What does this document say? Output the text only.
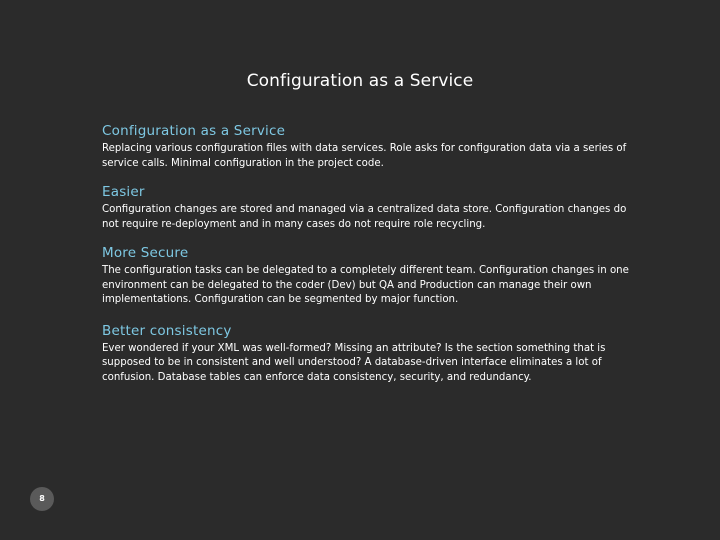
Configuration as a Service
Configuration as a Service
Replacing various configuration files with data services. Role asks for configuration data via a series of service calls. Minimal configuration in the project code.
Easier
Configuration changes are stored and managed via a centralized data store. Configuration changes do not require re-deployment and in many cases do not require role recycling.
More Secure
The configuration tasks can be delegated to a completely different team. Configuration changes in one environment can be delegated to the coder (Dev) but QA and Production can manage their own implementations. Configuration can be segmented by major function.
Better consistency
Ever wondered if your XML was well-formed? Missing an attribute? Is the section something that is supposed to be in consistent and well understood? A database-driven interface eliminates a lot of confusion. Database tables can enforce data consistency, security, and redundancy.
8
